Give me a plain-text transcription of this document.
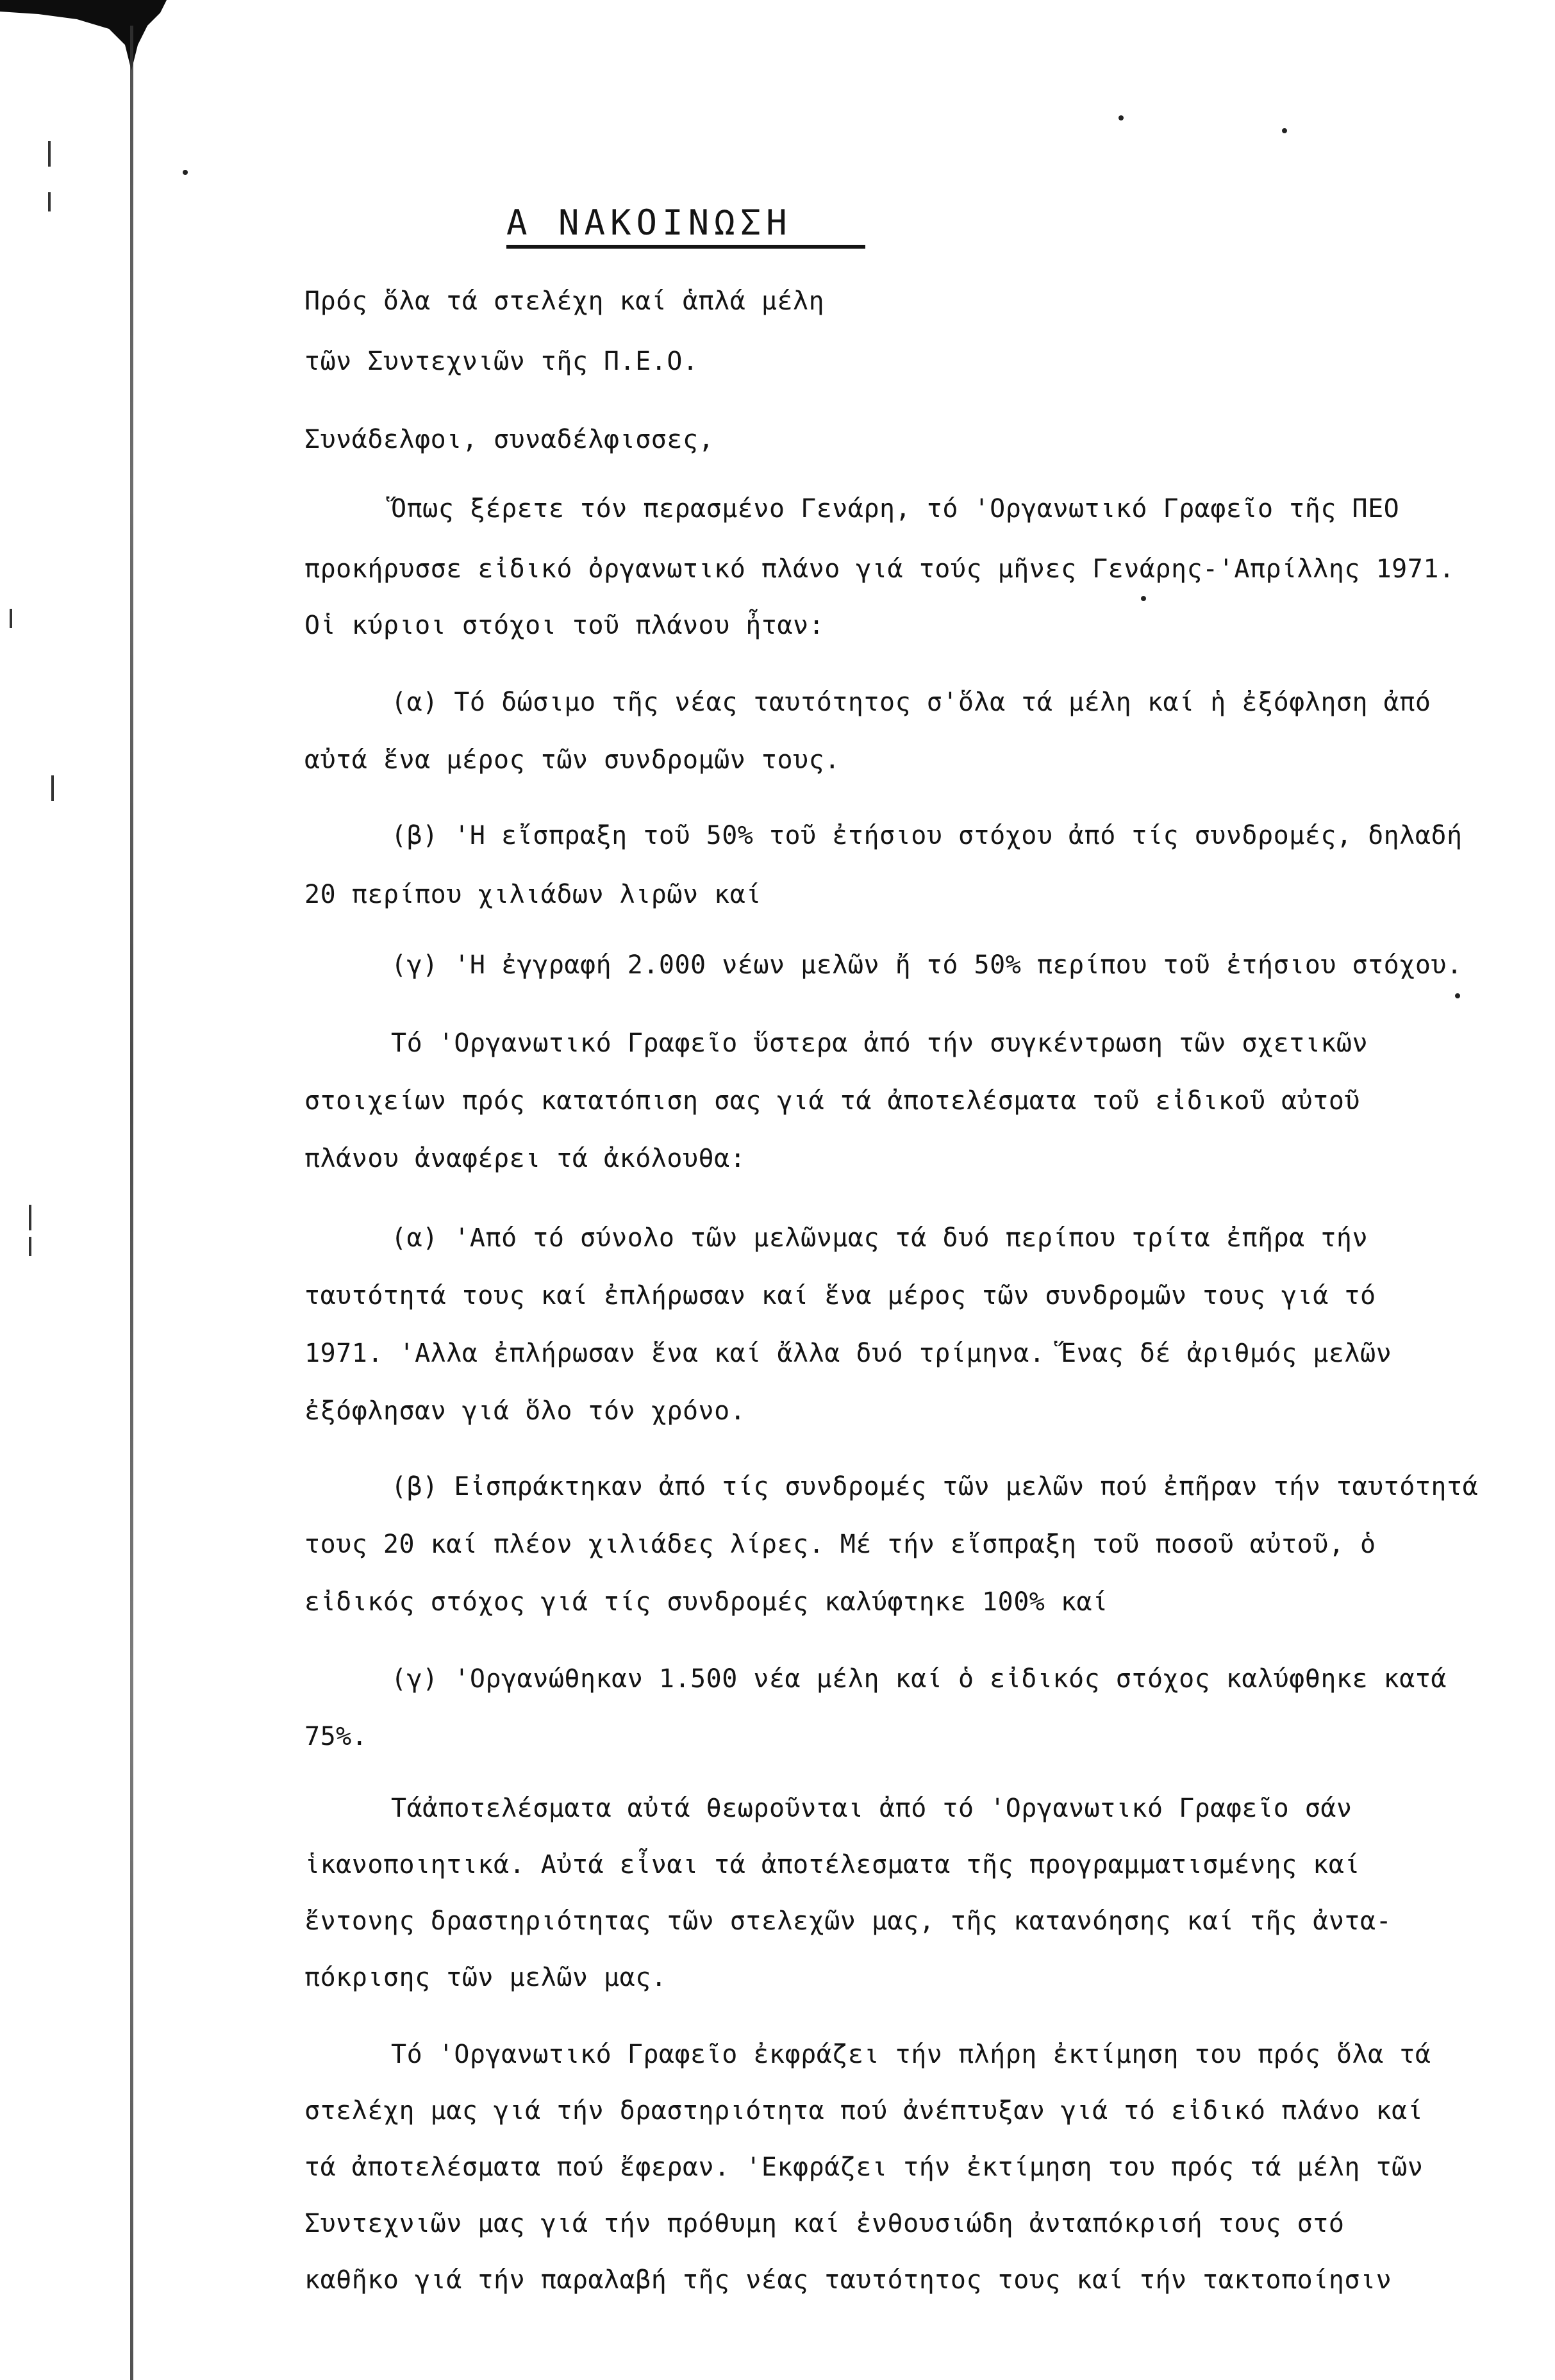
Α ΝΑΚΟΙΝΩΣΗ
Πρός ὅλα τά στελέχη καί ἁπλά μέλη
τῶν Συντεχνιῶν τῆς Π.Ε.Ο.
Συνάδελφοι, συναδέλφισσες,
Ὅπως ξέρετε τόν περασμένο Γενάρη, τό 'Οργανωτικό Γραφεῖο τῆς ΠΕΟ
προκήρυσσε εἰδικό ὀργανωτικό πλάνο γιά τούς μῆνες Γενάρης-'Απρίλλης 1971.
Οἱ κύριοι στόχοι τοῦ πλάνου ἦταν:
(α) Τό δώσιμο τῆς νέας ταυτότητος σ'ὅλα τά μέλη καί ἡ ἐξόφληση ἀπό
αὐτά ἕνα μέρος τῶν συνδρομῶν τους.
(β) 'Η εἴσπραξη τοῦ 50% τοῦ ἐτήσιου στόχου ἀπό τίς συνδρομές, δηλαδή
20 περίπου χιλιάδων λιρῶν καί
(γ) 'Η ἐγγραφή 2.000 νέων μελῶν ἤ τό 50% περίπου τοῦ ἐτήσιου στόχου.
Τό 'Οργανωτικό Γραφεῖο ὕστερα ἀπό τήν συγκέντρωση τῶν σχετικῶν
στοιχείων πρός κατατόπιση σας γιά τά ἀποτελέσματα τοῦ εἰδικοῦ αὐτοῦ
πλάνου ἀναφέρει τά ἀκόλουθα:
(α) 'Από τό σύνολο τῶν μελῶνμας τά δυό περίπου τρίτα ἐπῆρα τήν
ταυτότητά τους καί ἐπλήρωσαν καί ἕνα μέρος τῶν συνδρομῶν τους γιά τό
1971. 'Αλλα ἐπλήρωσαν ἕνα καί ἄλλα δυό τρίμηνα. Ἕνας δέ ἀριθμός μελῶν
ἐξόφλησαν γιά ὅλο τόν χρόνο.
(β) Εἰσπράκτηκαν ἀπό τίς συνδρομές τῶν μελῶν πού ἐπῆραν τήν ταυτότητά
τους 20 καί πλέον χιλιάδες λίρες. Μέ τήν εἴσπραξη τοῦ ποσοῦ αὐτοῦ, ὁ
εἰδικός στόχος γιά τίς συνδρομές καλύφτηκε 100% καί
(γ) 'Οργανώθηκαν 1.500 νέα μέλη καί ὁ εἰδικός στόχος καλύφθηκε κατά
75%.
Τάἀποτελέσματα αὐτά θεωροῦνται ἀπό τό 'Οργανωτικό Γραφεῖο σάν
ἱκανοποιητικά. Αὐτά εἶναι τά ἀποτέλεσματα τῆς προγραμματισμένης καί
ἔντονης δραστηριότητας τῶν στελεχῶν μας, τῆς κατανόησης καί τῆς ἀντα-
πόκρισης τῶν μελῶν μας.
Τό 'Οργανωτικό Γραφεῖο ἐκφράζει τήν πλήρη ἐκτίμηση του πρός ὅλα τά
στελέχη μας γιά τήν δραστηριότητα πού ἀνέπτυξαν γιά τό εἰδικό πλάνο καί
τά ἀποτελέσματα πού ἔφεραν. 'Εκφράζει τήν ἐκτίμηση του πρός τά μέλη τῶν
Συντεχνιῶν μας γιά τήν πρόθυμη καί ἐνθουσιώδη ἀνταπόκρισή τους στό
καθῆκο γιά τήν παραλαβή τῆς νέας ταυτότητος τους καί τήν τακτοποίησιν
